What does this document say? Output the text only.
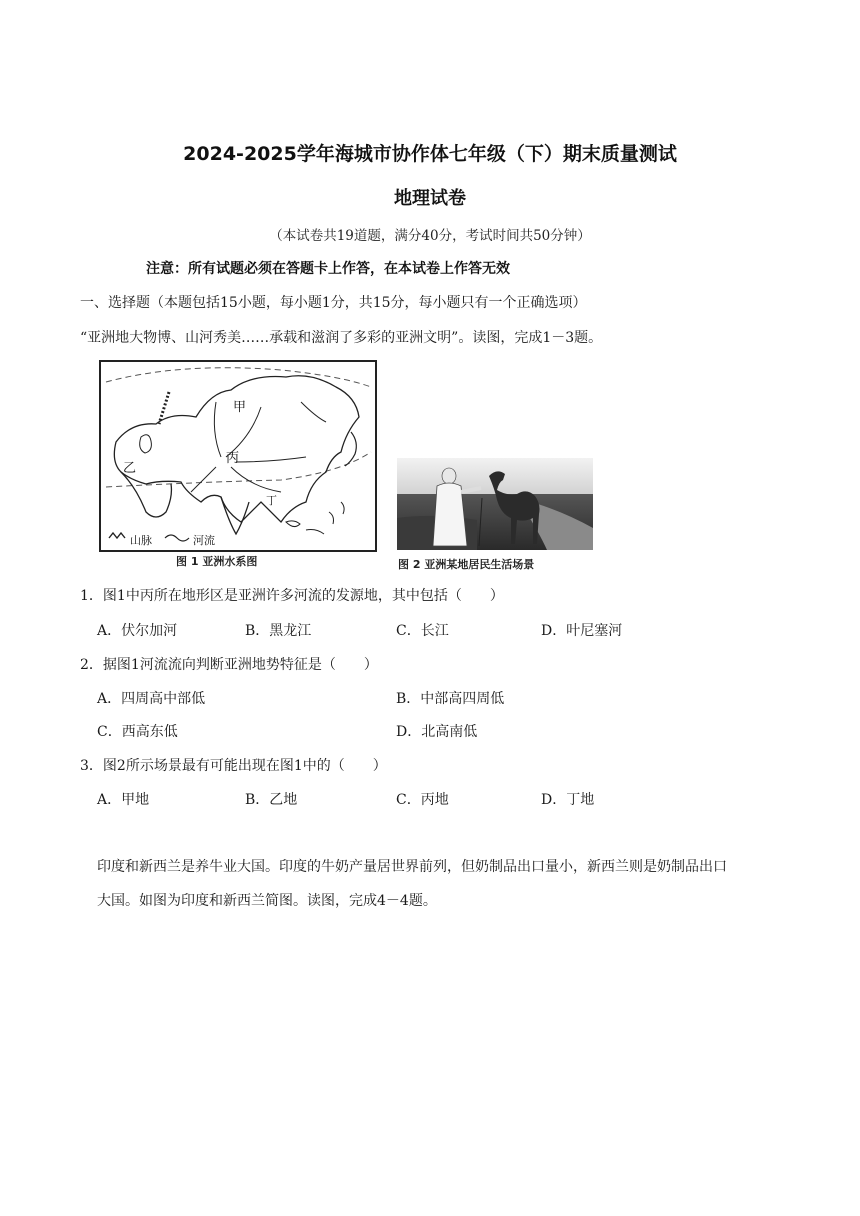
2024-2025学年海城市协作体七年级（下）期末质量测试
地理试卷
（本试卷共19道题，满分40分，考试时间共50分钟）
注意：所有试题必须在答题卡上作答，在本试卷上作答无效
一、选择题（本题包括15小题，每小题1分，共15分，每小题只有一个正确选项）
“亚洲地大物博、山河秀美……承载和滋润了多彩的亚洲文明”。读图，完成1－3题。
甲
乙
丙
丁
山脉	河流
图 1 亚洲水系图	图 2 亚洲某地居民生活场景
1．图1中丙所在地形区是亚洲许多河流的发源地，其中包括（　　）
A．伏尔加河	B．黑龙江	C．长江	D．叶尼塞河
2．据图1河流流向判断亚洲地势特征是（　　）
A．四周高中部低	B．中部高四周低
C．西高东低	D．北高南低
3．图2所示场景最有可能出现在图1中的（　　）
A．甲地	B．乙地	C．丙地	D．丁地
印度和新西兰是养牛业大国。印度的牛奶产量居世界前列，但奶制品出口量小，新西兰则是奶制品出口
大国。如图为印度和新西兰简图。读图，完成4－4题。
